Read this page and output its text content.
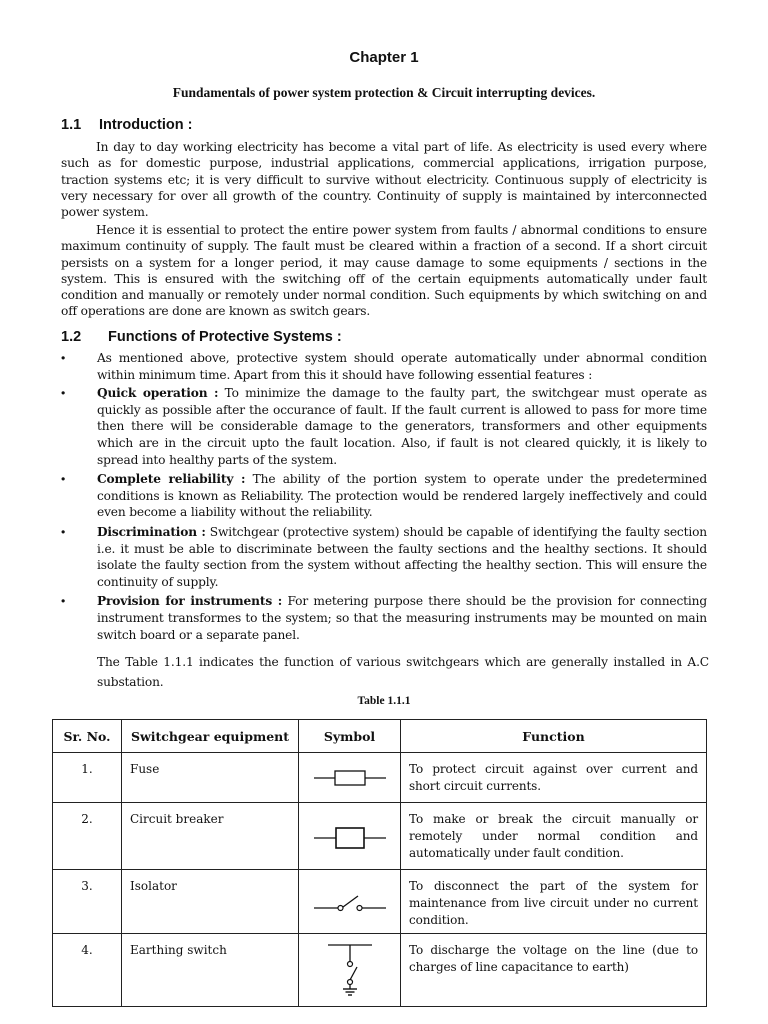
Chapter 1
Fundamentals of power system protection & Circuit interrupting devices.
1.1 Introduction :

In day to day working electricity has become a vital part of life. As electricity is used every where such as for domestic purpose, industrial applications, commercial applications, irrigation purpose, traction systems etc; it is very difficult to survive without electricity. Continuous supply of electricity is very necessary for over all growth of the country. Continuity of supply is maintained by interconnected power system.

Hence it is essential to protect the entire power system from faults / abnormal conditions to ensure maximum continuity of supply. The fault must be cleared within a fraction of a second. If a short circuit persists on a system for a longer period, it may cause damage to some equipments / sections in the system. This is ensured with the switching off of the certain equipments automatically under fault condition and manually or remotely under normal condition. Such equipments by which switching on and off operations are done are known as switch gears.

1.2 Functions of Protective Systems :
•	As mentioned above, protective system should operate automatically under abnormal condition within minimum time. Apart from this it should have following essential features :
•	Quick operation : To minimize the damage to the faulty part, the switchgear must operate as quickly as possible after the occurance of fault. If the fault current is allowed to pass for more time then there will be considerable damage to the generators, transformers and other equipments which are in the circuit upto the fault location. Also, if fault is not cleared quickly, it is likely to spread into healthy parts of the system.
•	Complete reliability : The ability of the portion system to operate under the predetermined conditions is known as Reliability. The protection would be rendered largely ineffectively and could even become a liability without the reliability.
•	Discrimination : Switchgear (protective system) should be capable of identifying the faulty section i.e. it must be able to discriminate between the faulty sections and the healthy sections. It should isolate the faulty section from the system without affecting the healthy section. This will ensure the continuity of supply.
•	Provision for instruments : For metering purpose there should be the provision for connecting instrument transformes to the system; so that the measuring instruments may be mounted on main switch board or a separate panel.
The Table 1.1.1 indicates the function of various switchgears which are generally installed in A.C substation.
Table 1.1.1
Sr. No.	Switchgear equipment	Symbol	Function
1.	Fuse		To protect circuit against over current and short circuit currents.
2.	Circuit breaker		To make or break the circuit manually or remotely under normal condition and automatically under fault condition.
3.	Isolator		To disconnect the part of the system for maintenance from live circuit under no current condition.
4.	Earthing switch		To discharge the voltage on the line (due to charges of line capacitance to earth)
